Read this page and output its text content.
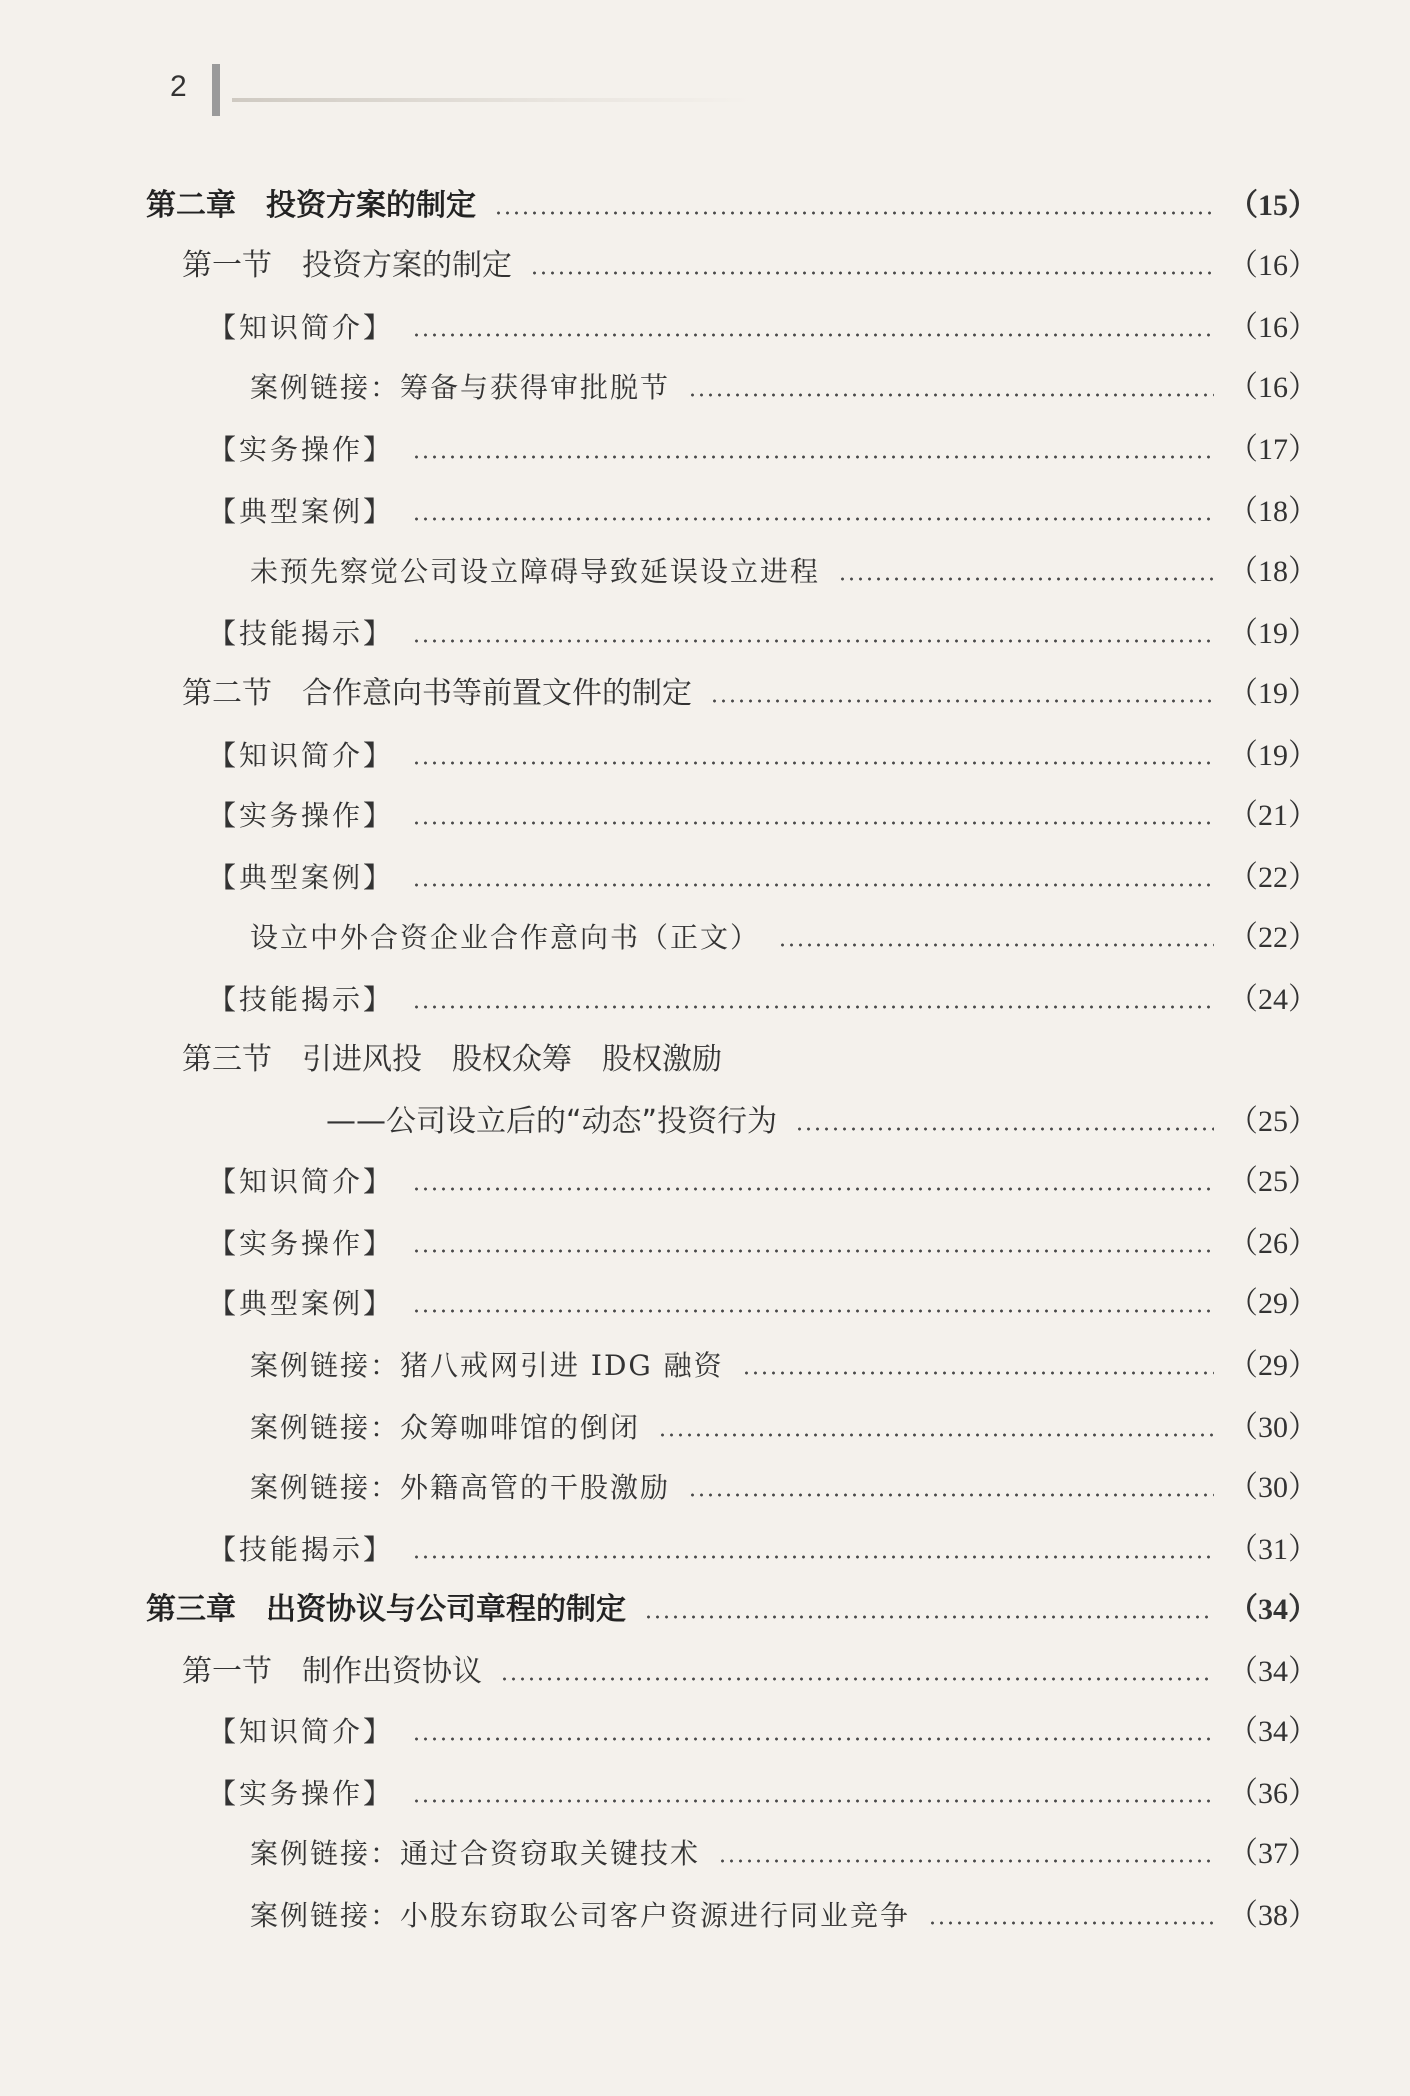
2
第二章　投资方案的制定	（15）
第一节　投资方案的制定	（16）
【知识简介】	（16）
案例链接：筹备与获得审批脱节	（16）
【实务操作】	（17）
【典型案例】	（18）
未预先察觉公司设立障碍导致延误设立进程	（18）
【技能揭示】	（19）
第二节　合作意向书等前置文件的制定	（19）
【知识简介】	（19）
【实务操作】	（21）
【典型案例】	（22）
设立中外合资企业合作意向书（正文）	（22）
【技能揭示】	（24）
第三节　引进风投　股权众筹　股权激励
——公司设立后的“动态”投资行为	（25）
【知识简介】	（25）
【实务操作】	（26）
【典型案例】	（29）
案例链接：猪八戒网引进 IDG 融资	（29）
案例链接：众筹咖啡馆的倒闭	（30）
案例链接：外籍高管的干股激励	（30）
【技能揭示】	（31）
第三章　出资协议与公司章程的制定	（34）
第一节　制作出资协议	（34）
【知识简介】	（34）
【实务操作】	（36）
案例链接：通过合资窃取关键技术	（37）
案例链接：小股东窃取公司客户资源进行同业竞争	（38）
